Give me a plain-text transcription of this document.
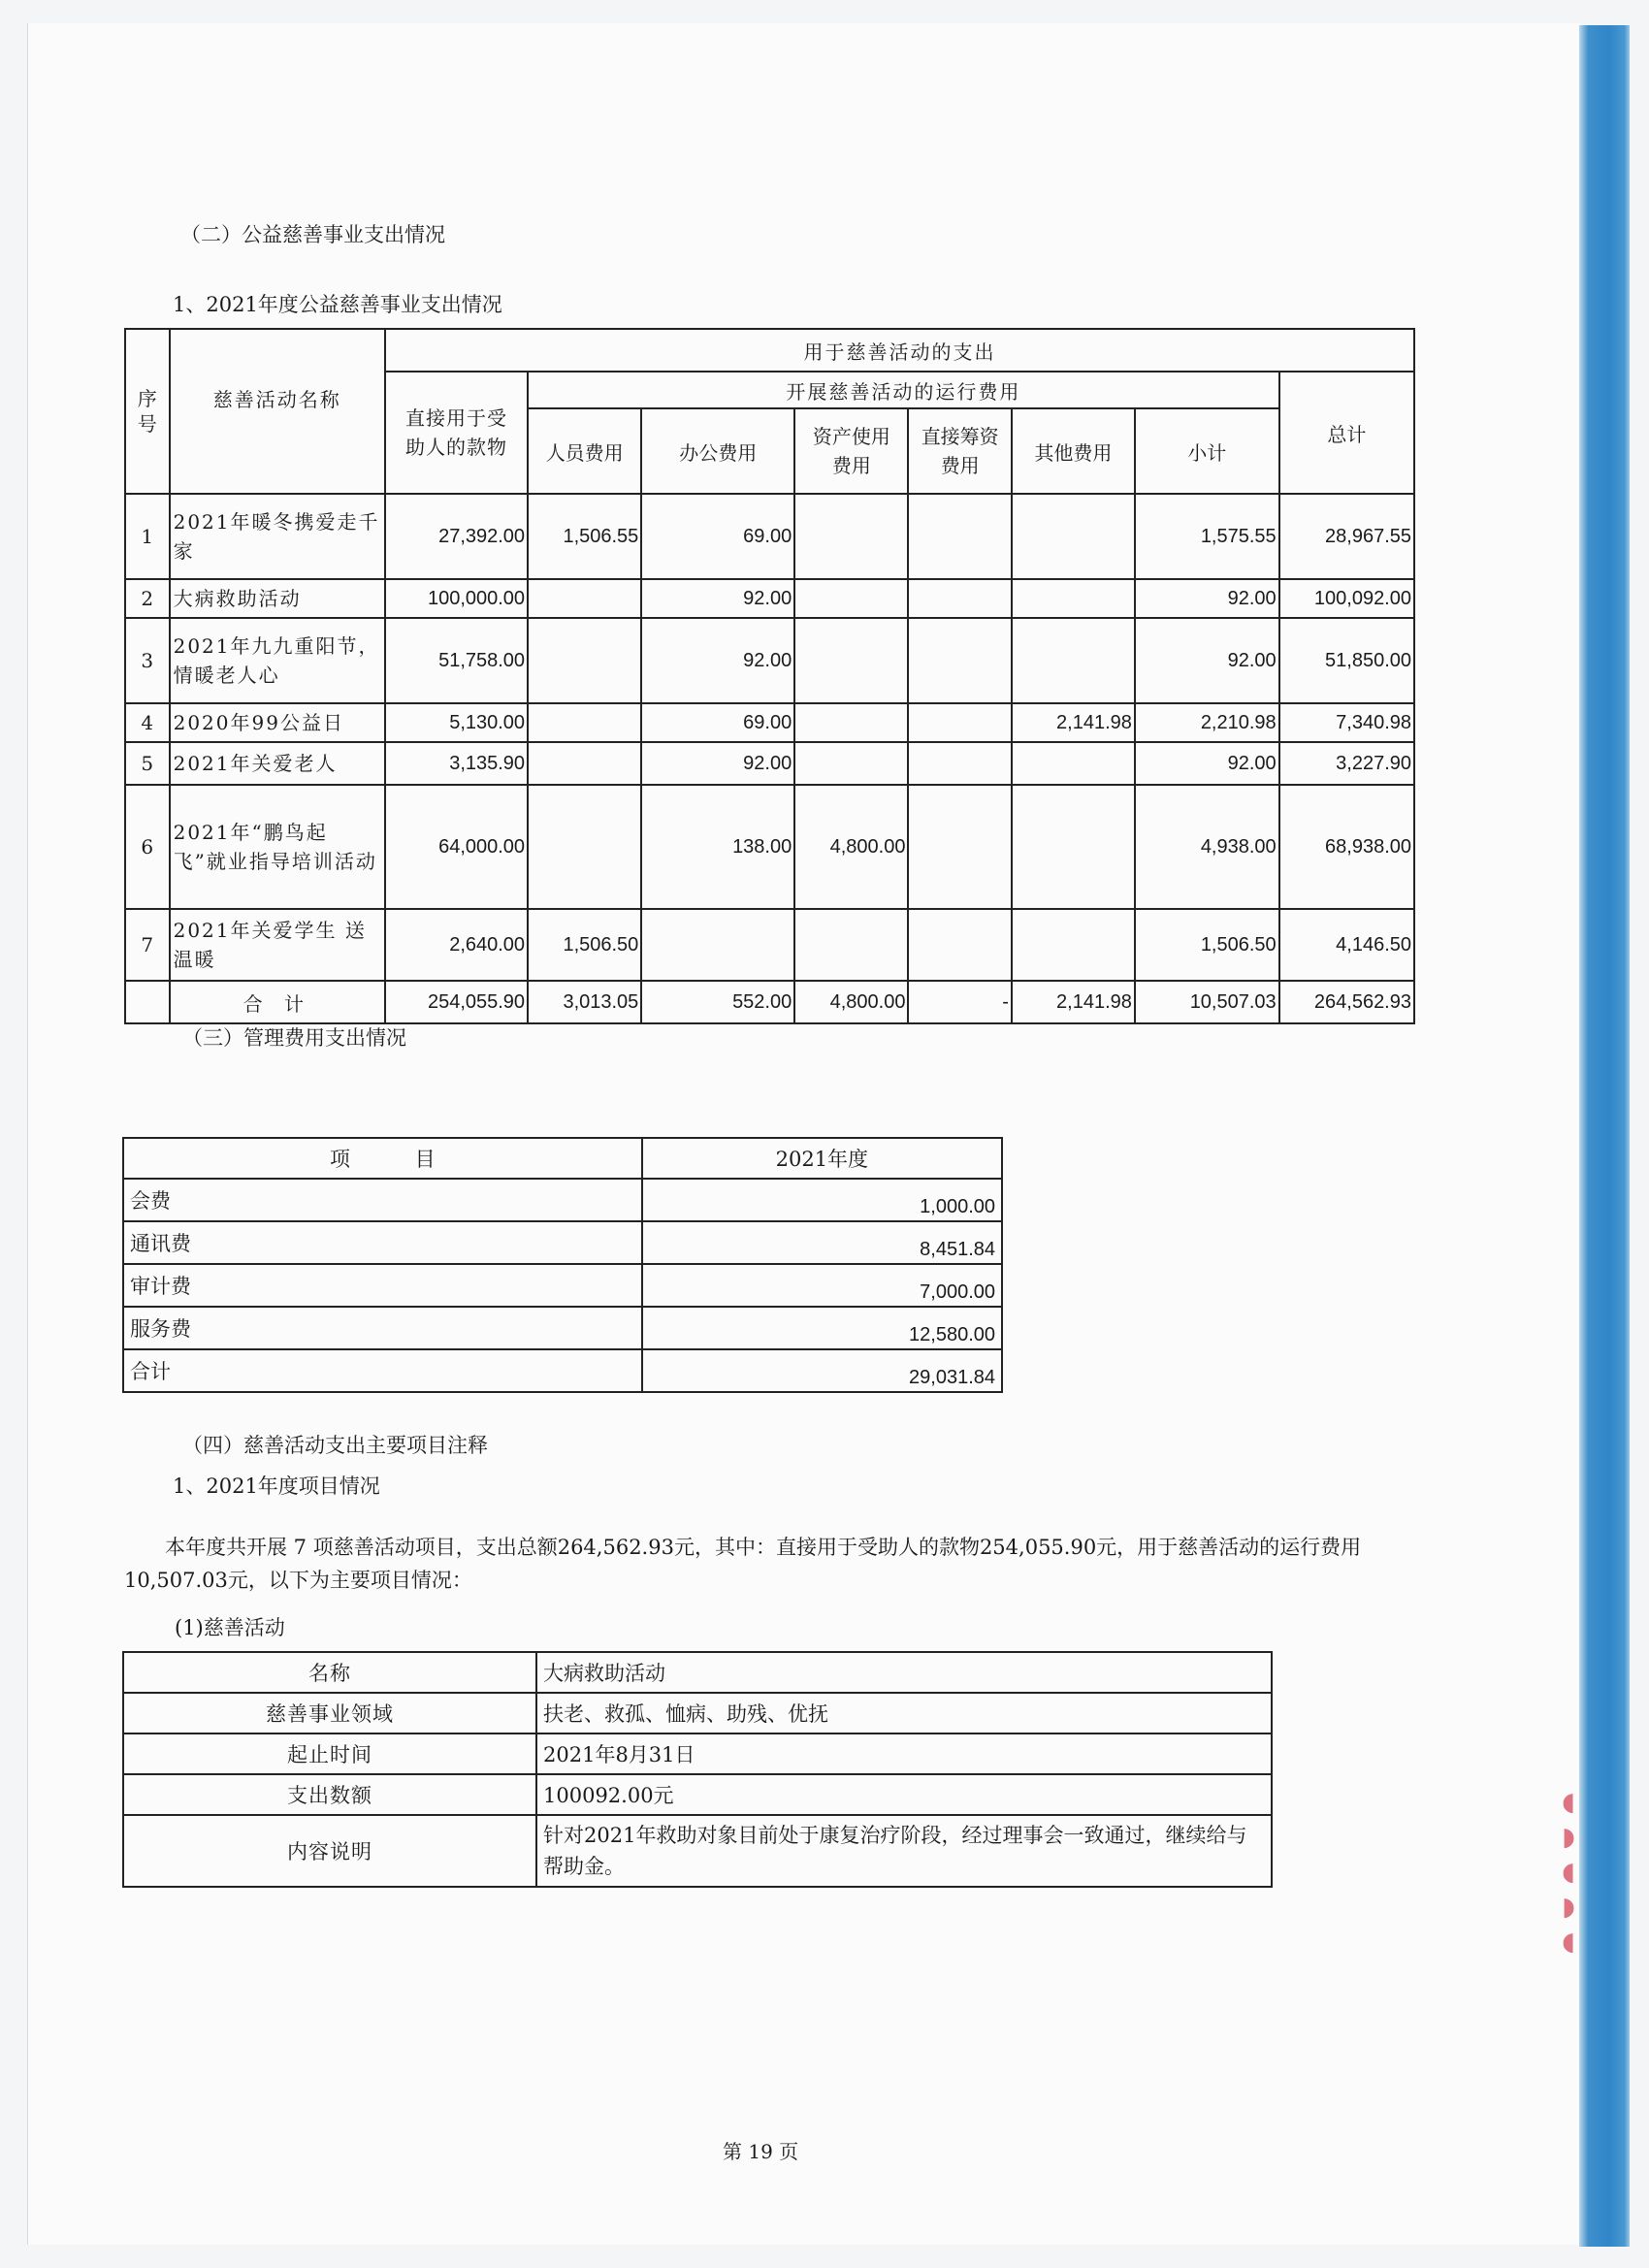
◖
◗
◖
◗
◖
（二）公益慈善事业支出情况
1、2021年度公益慈善事业支出情况
序号	慈善活动名称	用于慈善活动的支出							
		直接用于受助人的款物	开展慈善活动的运行费用						总计
			人员费用	办公费用	资产使用费用	直接筹资费用	其他费用	小计	
1	2021年暖冬携爱走千家	27,392.00	1,506.55	69.00				1,575.55	28,967.55
2	大病救助活动	100,000.00		92.00				92.00	100,092.00
3	2021年九九重阳节，情暖老人心	51,758.00		92.00				92.00	51,850.00
4	2020年99公益日	5,130.00		69.00			2,141.98	2,210.98	7,340.98
5	2021年关爱老人	3,135.90		92.00				92.00	3,227.90
6	2021年“鹏鸟起飞”就业指导培训活动	64,000.00		138.00	4,800.00			4,938.00	68,938.00
7	2021年关爱学生 送温暖	2,640.00	1,506.50					1,506.50	4,146.50
	合 计	254,055.90	3,013.05	552.00	4,800.00	-	2,141.98	10,507.03	264,562.93
（三）管理费用支出情况
项 目	2021年度
会费	1,000.00
通讯费	8,451.84
审计费	7,000.00
服务费	12,580.00
合计	29,031.84
（四）慈善活动支出主要项目注释
1、2021年度项目情况
本年度共开展 7 项慈善活动项目，支出总额264,562.93元，其中：直接用于受助人的款物254,055.90元，用于慈善活动的运行费用10,507.03元，以下为主要项目情况：
(1)慈善活动
名称	大病救助活动
慈善事业领域	扶老、救孤、恤病、助残、优抚
起止时间	2021年8月31日
支出数额	100092.00元
内容说明	针对2021年救助对象目前处于康复治疗阶段，经过理事会一致通过，继续给与帮助金。
第 19 页
